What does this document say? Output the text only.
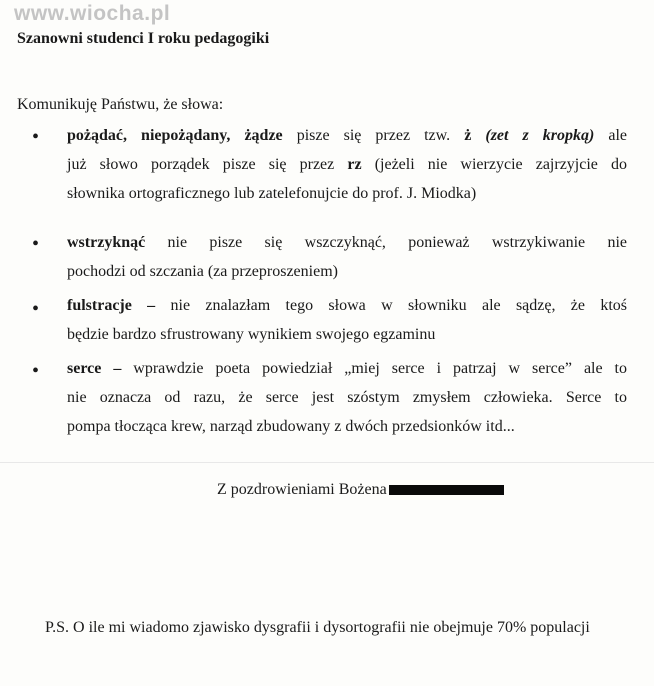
www.wiocha.pl
Szanowni studenci I roku pedagogiki
Komunikuję Państwu, że słowa:
• pożądać, niepożądany, żądze pisze się przez tzw. ż (zet z kropką) ale
już słowo porządek pisze się przez rz (jeżeli nie wierzycie zajrzyjcie do
słownika ortograficznego lub zatelefonujcie do prof. J. Miodka)
• wstrzyknąć nie pisze się wszczyknąć, ponieważ wstrzykiwanie nie
pochodzi od szczania (za przeproszeniem)
• fulstracje – nie znalazłam tego słowa w słowniku ale sądzę, że ktoś
będzie bardzo sfrustrowany wynikiem swojego egzaminu
• serce – wprawdzie poeta powiedział „miej serce i patrzaj w serce” ale to
nie oznacza od razu, że serce jest szóstym zmysłem człowieka. Serce to
pompa tłocząca krew, narząd zbudowany z dwóch przedsionków itd...
Z pozdrowieniami Bożena
P.S. O ile mi wiadomo zjawisko dysgrafii i dysortografii nie obejmuje 70% populacji
